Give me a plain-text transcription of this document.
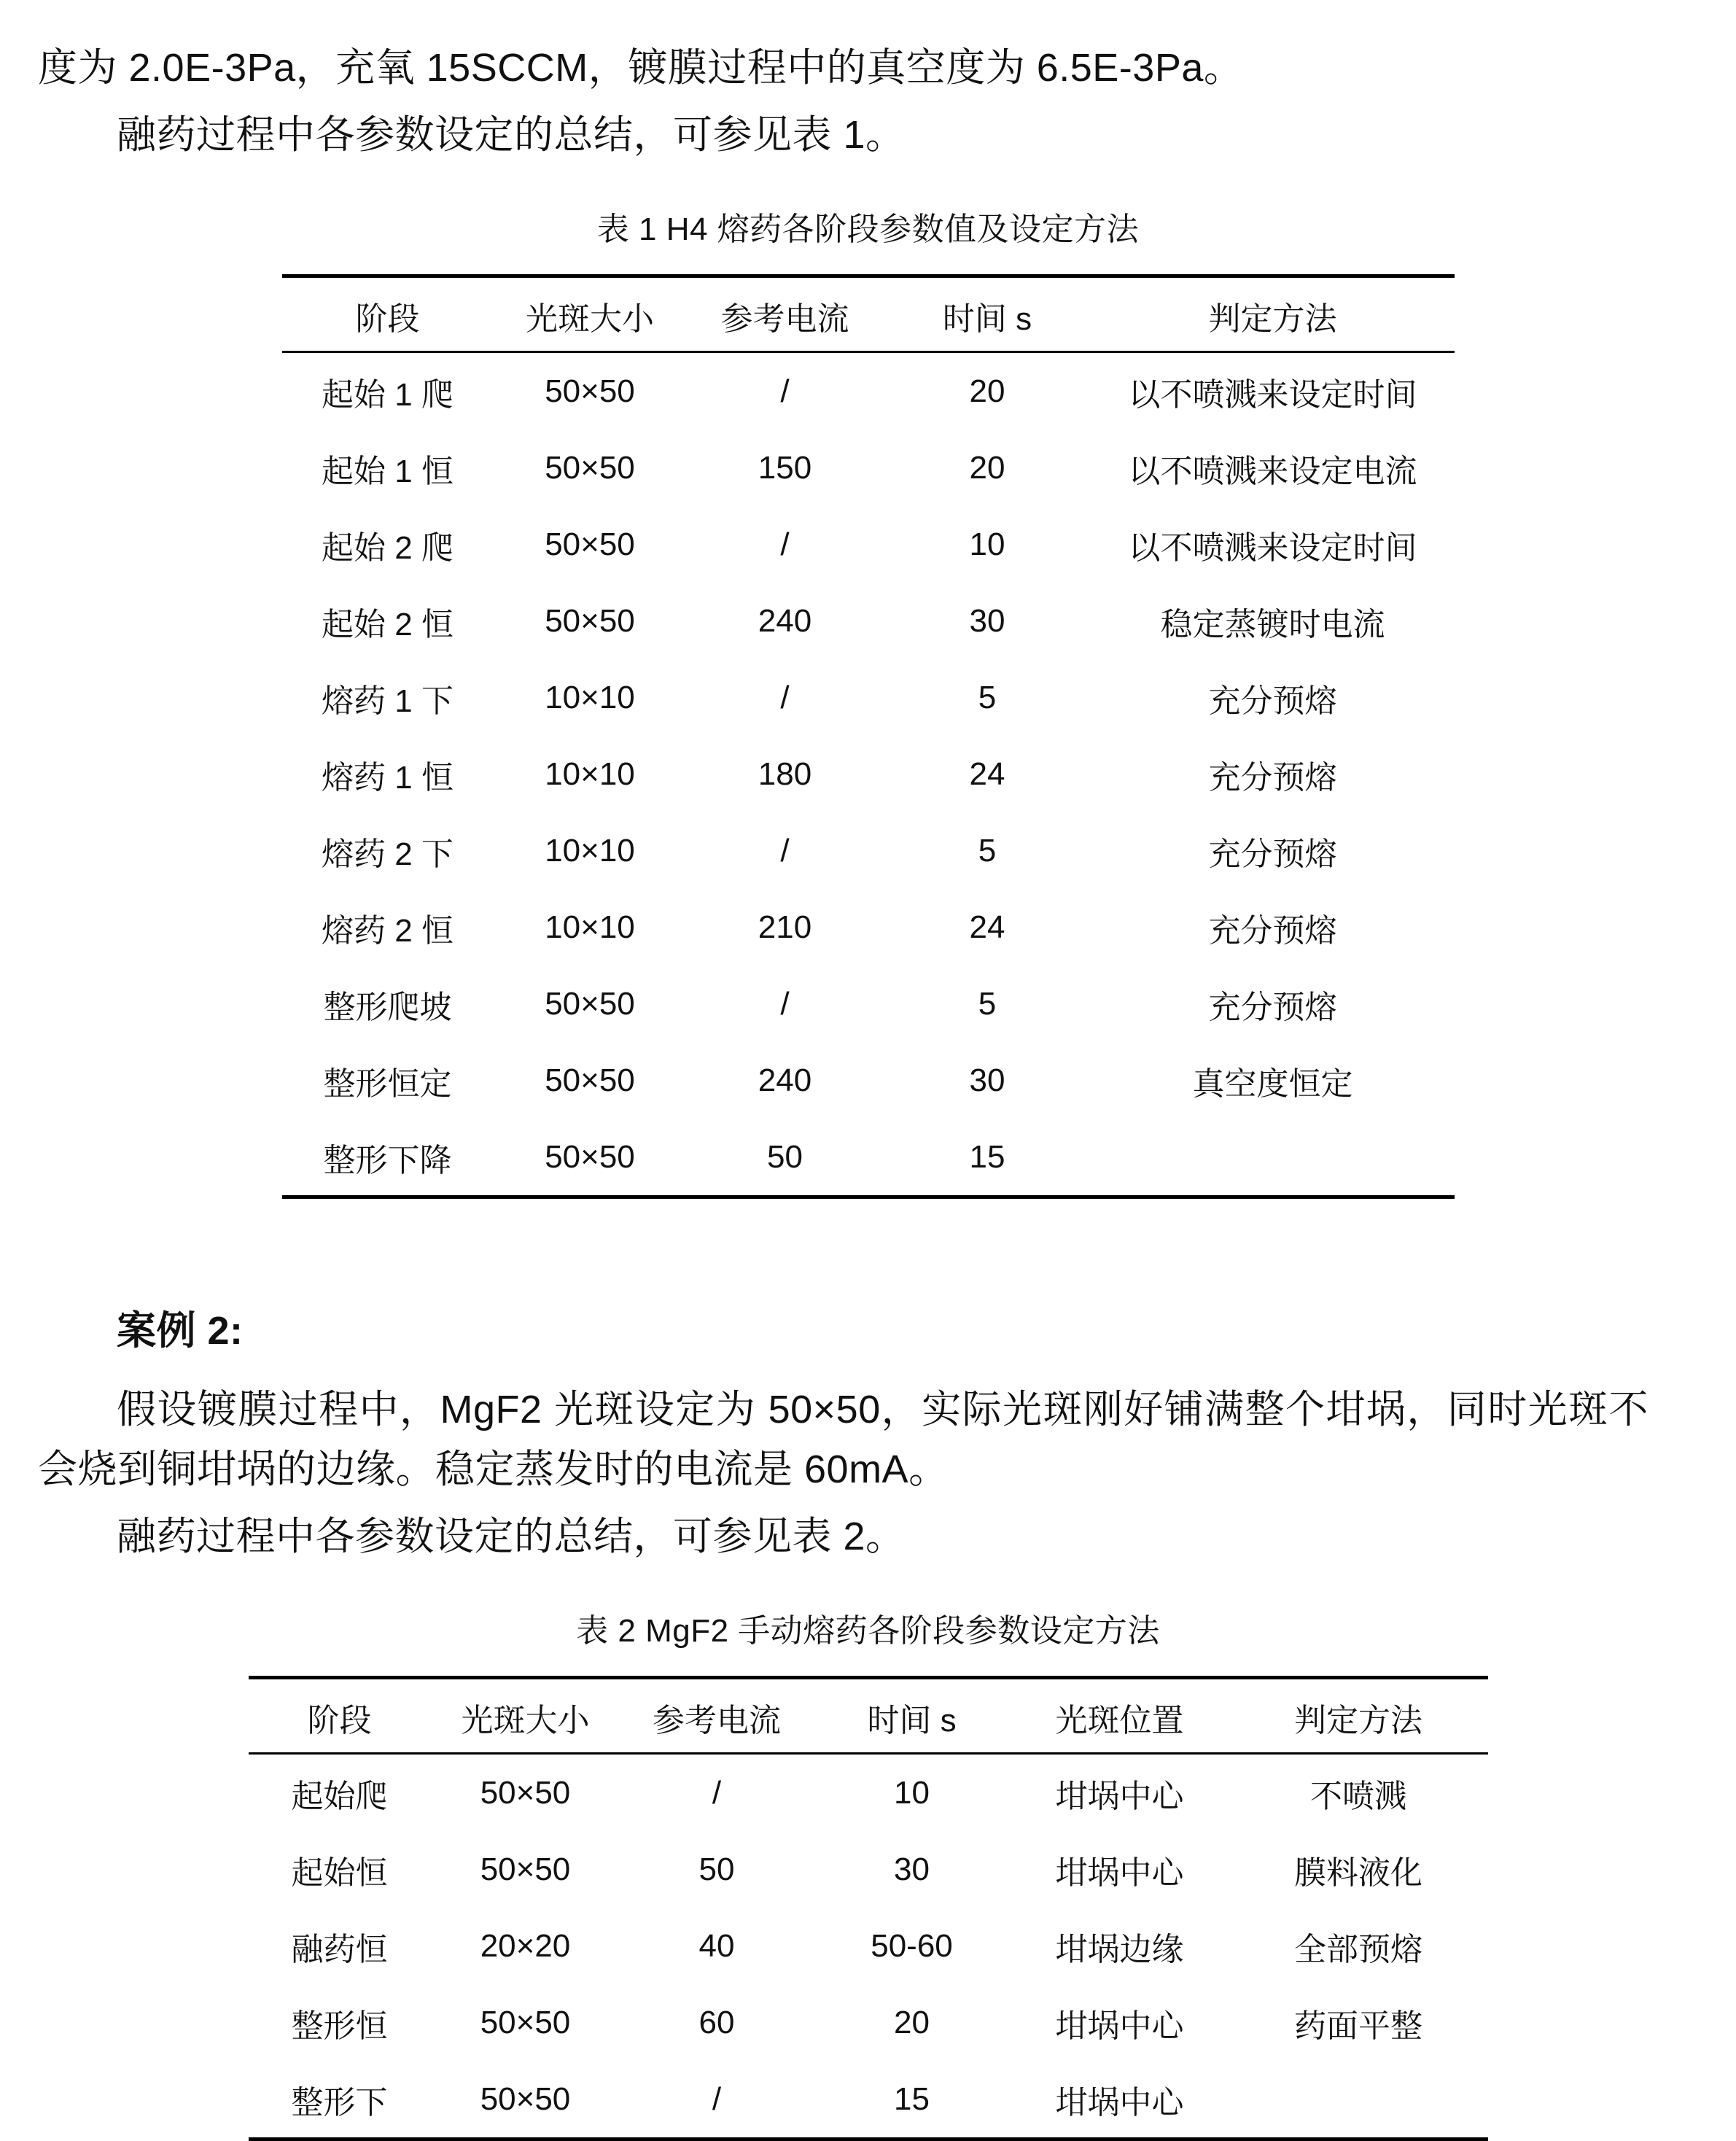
度为 2.0E-3Pa，充氧 15SCCM，镀膜过程中的真空度为 6.5E-3Pa。

融药过程中各参数设定的总结，可参见表 1。

表 1 H4 熔药各阶段参数值及设定方法
阶段	光斑大小	参考电流	时间 s	判定方法
起始 1 爬	50×50	/	20	以不喷溅来设定时间
起始 1 恒	50×50	150	20	以不喷溅来设定电流
起始 2 爬	50×50	/	10	以不喷溅来设定时间
起始 2 恒	50×50	240	30	稳定蒸镀时电流
熔药 1 下	10×10	/	5	充分预熔
熔药 1 恒	10×10	180	24	充分预熔
熔药 2 下	10×10	/	5	充分预熔
熔药 2 恒	10×10	210	24	充分预熔
整形爬坡	50×50	/	5	充分预熔
整形恒定	50×50	240	30	真空度恒定
整形下降	50×50	50	15	

案例 2:

假设镀膜过程中，MgF2 光斑设定为 50×50，实际光斑刚好铺满整个坩埚，同时光斑不会烧到铜坩埚的边缘。稳定蒸发时的电流是 60mA。

融药过程中各参数设定的总结，可参见表 2。

表 2 MgF2 手动熔药各阶段参数设定方法
阶段	光斑大小	参考电流	时间 s	光斑位置	判定方法
起始爬	50×50	/	10	坩埚中心	不喷溅
起始恒	50×50	50	30	坩埚中心	膜料液化
融药恒	20×20	40	50-60	坩埚边缘	全部预熔
整形恒	50×50	60	20	坩埚中心	药面平整
整形下	50×50	/	15	坩埚中心	
